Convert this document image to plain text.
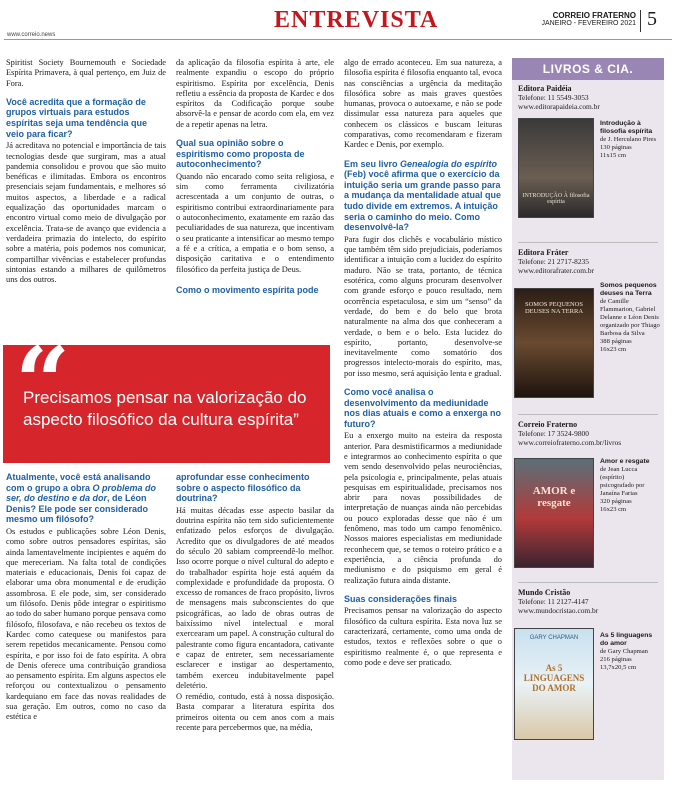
ENTREVISTA	CORREIO FRATERNO
JANEIRO - FEVEREIRO 2021 5
www.correio.news

Spiritist Society Bournemouth e Sociedade Espírita Primavera, à qual pertenço, em Juiz de Fora.

Você acredita que a formação de grupos virtuais para estudos espíritas seja uma tendência que veio para ficar?

Já acreditava no potencial e importância de tais tecnologias desde que surgiram, mas a atual pandemia consolidou e provou que são muito benéficas e ilimitadas. Embora os encontros presenciais sejam fundamentais, e melhores só muitos aspectos, a liberdade e a radical equalização das oportunidades marcam o encontro virtual como meio de divulgação por excelência. Trata-se de avanço que evidencia a verdadeira primazia do intelecto, do espírito sobre a matéria, pois podemos nos comunicar, compartilhar vivências e estabelecer profundas sintonias estando a milhares de quilômetros uns dos outros.

da aplicação da filosofia espírita à arte, ele realmente expandiu o escopo do próprio espiritismo. Espírita por excelência, Denis refletiu a essência da proposta de Kardec e dos espíritos da Codificação porque soube absorvê-la e pensar de acordo com ela, em vez de a repetir apenas na letra.

Qual sua opinião sobre o espiritismo como proposta de autoconhecimento?

Quando não encarado como seita religiosa, e sim como ferramenta civilizatória acrescentada a um conjunto de outras, o espiritismo contribui extraordinariamente para o autoconhecimento, exatamente em razão das peculiaridades de sua natureza, que incentivam o seu praticante a intensificar ao mesmo tempo a fé e a crítica, a empatia e o bom senso, a disposição caritativa e o entendimento filosófico da perfeita justiça de Deus.

Como o movimento espírita pode
“
Precisamos pensar na valorização do aspecto filosófico da cultura espírita”
Atualmente, você está analisando com o grupo a obra O problema do ser, do destino e da dor, de Léon Denis? Ele pode ser considerado mesmo um filósofo?

Os estudos e publicações sobre Léon Denis, como sobre outros pensadores espíritas, são ainda lamentavelmente incipientes e aquém do que mereceriam. Na falta total de condições materiais e educacionais, Denis foi capaz de elaborar uma obra monumental e de erudição assombrosa. E ele pode, sim, ser considerado um filósofo. Denis pôde integrar o espiritismo ao todo do saber humano porque pensava como filósofo, filosofava, e não recebeu os textos de Kardec como catequese ou manifestos para serem repetidos mecanicamente. Pensou como espírita, e por isso foi de fato espírita. A obra de Denis oferece uma contribuição grandiosa ao pensamento espírita. Em alguns aspectos ele reforçou ou contextualizou o pensamento kardequiano em face das novas realidades de sua geração. Em outros, como no caso da estética e

aprofundar esse conhecimento sobre o aspecto filosófico da doutrina?

Há muitas décadas esse aspecto basilar da doutrina espírita não tem sido suficientemente enfatizado pelos esforços de divulgação. Acredito que os divulgadores de até meados do século 20 sabiam compreendê-lo melhor. Isso ocorre porque o nível cultural do adepto e do trabalhador espírita hoje está aquém da complexidade e profundidade da proposta. O excesso de romances de fraco propósito, livros de mensagens mais subconscientes do que psicográficas, ao lado de obras outras de baixíssimo nível intelectual e moral exercearam um papel. A construção cultural do palestrante como figura encantadora, cativante e capaz de entreter, sem necessariamente esclarecer e instigar ao despertamento, também exerceu indubitavelmente papel deletério.

O remédio, contudo, está à nossa disposição. Basta comparar a literatura espírita dos primeiros oitenta ou cem anos com a mais recente para percebermos que, na média,

algo de errado aconteceu. Em sua natureza, a filosofia espírita é filosofia enquanto tal, evoca nas consciências a urgência da meditação filosófica sobre as mais graves questões humanas, provoca o autoexame, e não se pode dissimular essa natureza para aqueles que conhecem os clássicos e buscam leituras comparativas, como recomendaram e fizeram Kardec e Denis, por exemplo.

Em seu livro Genealogia do espírito (Feb) você afirma que o exercício da intuição seria um grande passo para a mudança da mentalidade atual que tudo divide em extremos. A intuição seria o caminho do meio. Como desenvolvê-la?

Para fugir dos clichês e vocabulário místico que também têm sido prejudiciais, poderíamos identificar a intuição com a lucidez do espírito maduro. Não se trata, portanto, de técnica esotérica, como alguns procuram desenvolver com grande esforço e pouco resultado, nem ocorrência espetaculosa, e sim um “senso” da verdade, do bem e do belo que brota naturalmente na alma dos que conheceram a verdade, o bem e o belo. Esta lucidez do espírito, portanto, desenvolve-se inevitavelmente como somatório dos progressos intelecto-morais do espírito, mas, por isso mesmo, será aquisição lenta e gradual.

Como você analisa o desenvolvimento da mediunidade nos dias atuais e como a enxerga no futuro?

Eu a enxergo muito na esteira da resposta anterior. Para desmistificarmos a mediunidade e integrarmos ao conhecimento espírita o que vem sendo desenvolvido pelas neurociências, pela psicologia e, principalmente, pelas atuais pesquisas em espiritualidade, precisamos nos abrir para novas possibilidades de interpretação de nuanças ainda não percebidas ou pouco exploradas desse que não é um fenômeno, mas todo um campo fenomênico. Nossos maiores especialistas em mediunidade reconhecem que, se temos o roteiro prático e a experiência, a ciência profunda do mediunismo e do psiquismo em geral é realização futura ainda distante.

Suas considerações finais

Precisamos pensar na valorização do aspecto filosófico da cultura espírita. Esta nova luz se caracterizará, certamente, como uma onda de estudos, textos e reflexões sobre o que o espiritismo realmente é, o que representa e como pode e deve ser praticado.

LIVROS & CIA.
Editora Paidéia
Telefone: 11 5549-3053
www.editorapaideia.com.br
INTRODUÇÃO À filosofia espírita
Introdução à filosofia espírita
de J. Herculano Pires
130 páginas
11x15 cm
Editora Fráter
Telefone: 21 2717-8235
www.editorafrater.com.br
SOMOS PEQUENOS DEUSES NA TERRA
Somos pequenos deuses na Terra
de Camille Flammarion, Gabriel Delanne e Léon Denis
organizado por Thiago Barbosa da Silva
388 páginas
16x23 cm
Correio Fraterno
Telefone: 17 3524-9800
www.correiofraterno.com.br/livros
AMOR e resgate
Amor e resgate
de Jean Lucca
(espírito)
psicografado por
Janaína Farias
320 páginas
16x23 cm
Mundo Cristão
Telefone: 11 2127-4147
www.mundocristao.com.br
GARY CHAPMAN
As 5 LINGUAGENS DO AMOR
As 5 linguagens do amor
de Gary Chapman
216 páginas
13,7x20,5 cm
